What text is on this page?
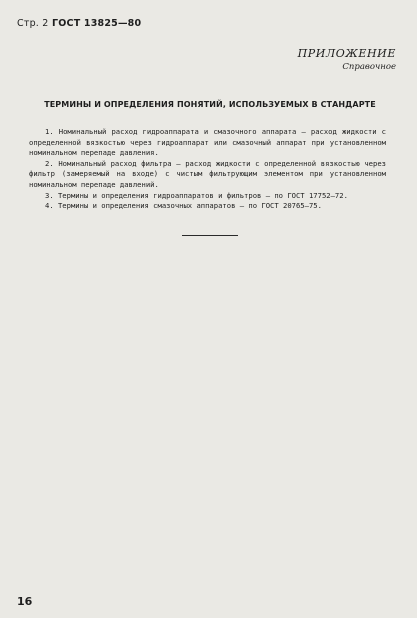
Стр. 2 ГОСТ 13825—80
ПРИЛОЖЕНИЕ
Справочное
ТЕРМИНЫ И ОПРЕДЕЛЕНИЯ ПОНЯТИЙ, ИСПОЛЬЗУЕМЫХ В СТАНДАРТЕ

1. Номинальный расход гидроаппарата и смазочного аппарата — расход жидкости с определенной вязкостью через гидроаппарат или смазочный аппарат при установленном номинальном перепаде давления.

2. Номинальный расход фильтра — расход жидкости с определенной вязкостью через фильтр (замеряемый на входе) с чистым фильтрующим элементом при установленном номинальном перепаде давлений.

3. Термины и определения гидроаппаратов и фильтров — по ГОСТ 17752—72.

4. Термины и определения смазочных аппаратов — по ГОСТ 20765—75.

16
